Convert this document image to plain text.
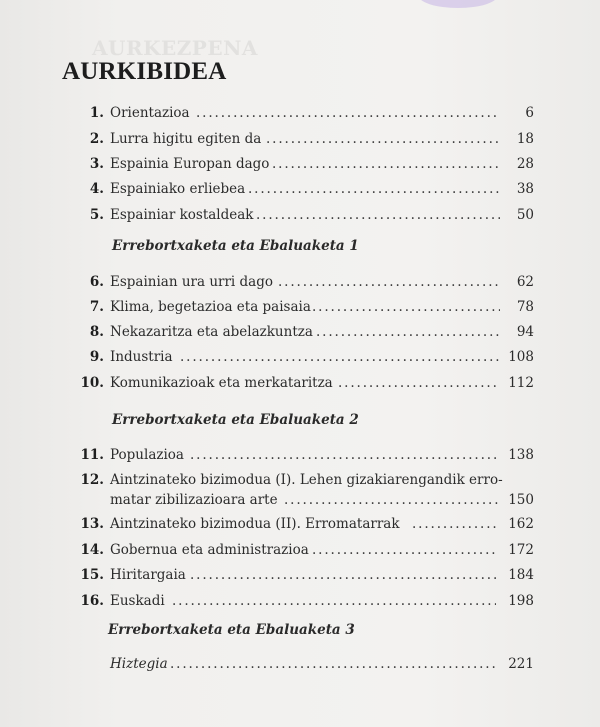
AURKEZPENA
AURKIBIDEA
1. Orientazioa . . .	6
2. Lurra higitu egiten da . . .	18
3. Espainia Europan dago . . .	28
4. Espainiako erliebea . . .	38
5. Espainiar kostaldeak . . .	50
Errebortxaketa eta Ebaluaketa 1
6. Espainian ura urri dago . . .	62
7. Klima, begetazioa eta paisaia . . .	78
8. Nekazaritza eta abelazkuntza . . .	94
9. Industria . . .	108
10. Komunikazioak eta merkataritza . . .	112
Errebortxaketa eta Ebaluaketa 2
11. Populazioa . . .	138
12. Aintzinateko bizimodua (I). Lehen gizakiarengandik erro-
matar zibilizazioara arte . . .	150
13. Aintzinateko bizimodua (II). Erromatarrak . . .	162
14. Gobernua eta administrazioa . . .	172
15. Hiritargaia . . .	184
16. Euskadi . . .	198
Errebortxaketa eta Ebaluaketa 3
Hiztegia . . .	221
